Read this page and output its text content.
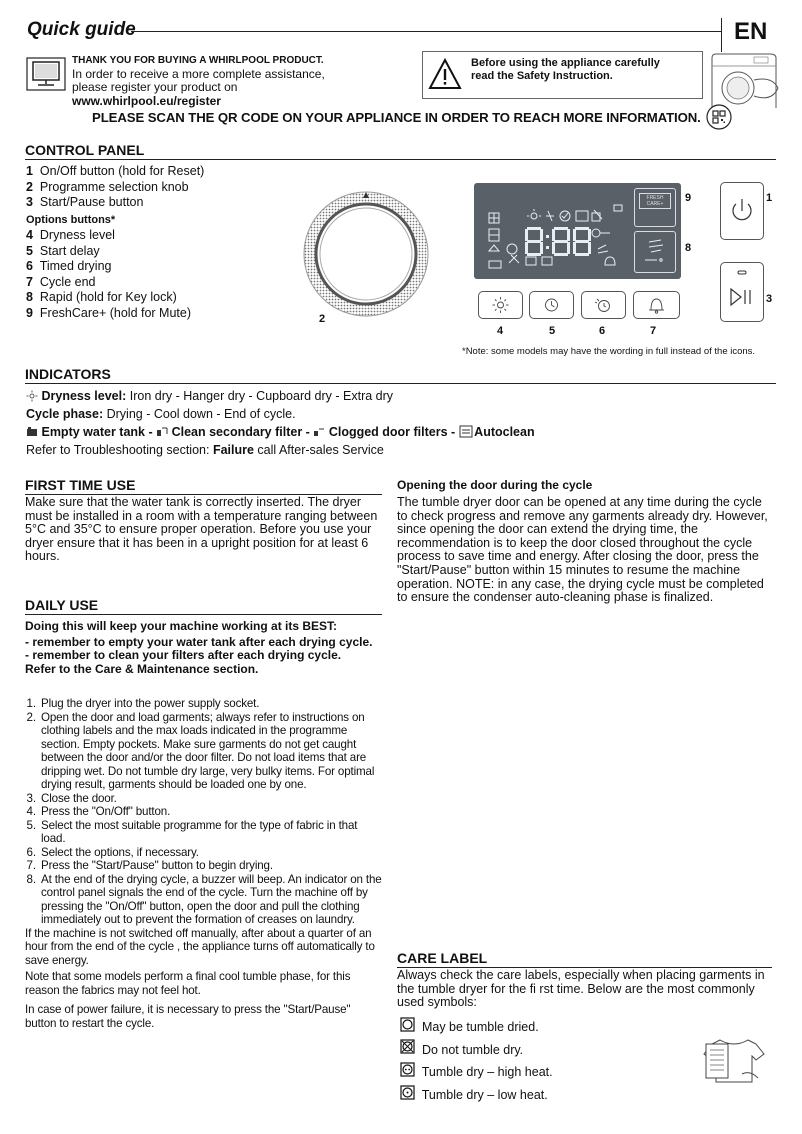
Quick guide	EN
THANK YOU FOR BUYING A WHIRLPOOL PRODUCT.
In order to receive a more complete assistance,
please register your product on
www.whirlpool.eu/register
Before using the appliance carefully
read the Safety Instruction.
PLEASE SCAN THE QR CODE ON YOUR APPLIANCE IN ORDER TO REACH MORE INFORMATION.
CONTROL PANEL
1 On/Off button (hold for Reset)
2 Programme selection knob
3 Start/Pause button
Options buttons*
4 Dryness level
5 Start delay
6 Timed drying
7 Cycle end
8 Rapid (hold for Key lock)
9 FreshCare+ (hold for Mute)	2
FRESH CARE+	9
8
1
3
4	5	6	7
*Note: some models may have the wording in full instead of the icons.
INDICATORS
Dryness level: Iron dry - Hanger dry - Cupboard dry - Extra dry
Cycle phase: Drying - Cool down - End of cycle.
Empty water tank - Clean secondary filter - Clogged door filters - Autoclean
Refer to Troubleshooting section: Failure call After-sales Service
FIRST TIME USE
Make sure that the water tank is correctly inserted. The dryer must be installed in a room with a temperature ranging between 5°C and 35°C to ensure proper operation. Before you use your dryer ensure that it has been in a upright position for at least 6 hours.
DAILY USE
Doing this will keep your machine working at its BEST:
- remember to empty your water tank after each drying cycle.
- remember to clean your filters after each drying cycle.
Refer to the Care & Maintenance section.
1. Plug the dryer into the power supply socket.
2. Open the door and load garments; always refer to instructions on clothing labels and the max loads indicated in the programme section. Empty pockets. Make sure garments do not get caught between the door and/or the door filter. Do not load items that are dripping wet. Do not tumble dry large, very bulky items. For optimal drying result, garments should be loaded one by one.
3. Close the door.
4. Press the "On/Off" button.
5. Select the most suitable programme for the type of fabric in that load.
6. Select the options, if necessary.
7. Press the "Start/Pause" button to begin drying.
8. At the end of the drying cycle, a buzzer will beep. An indicator on the control panel signals the end of the cycle. Turn the machine off by pressing the "On/Off" button, open the door and pull the clothing immediately out to prevent the formation of creases on laundry.
If the machine is not switched off manually, after about a quarter of an hour from the end of the cycle , the appliance turns off automatically to save energy.
Note that some models perform a final cool tumble phase, for this reason the fabrics may not feel hot.
In case of power failure, it is necessary to press the "Start/Pause" button to restart the cycle.
Opening the door during the cycle
The tumble dryer door can be opened at any time during the cycle to check progress and remove any garments already dry. However, since opening the door can extend the drying time, the recommendation is to keep the door closed throughout the cycle process to save time and energy. After closing the door, press the "Start/Pause" button within 15 minutes to resume the machine operation. NOTE: in any case, the drying cycle must be completed to ensure the condenser auto-cleaning phase is finalized.
CARE LABEL
Always check the care labels, especially when placing garments in the tumble dryer for the fi rst time. Below are the most commonly used symbols:
May be tumble dried.
Do not tumble dry.
Tumble dry – high heat.
Tumble dry – low heat.
